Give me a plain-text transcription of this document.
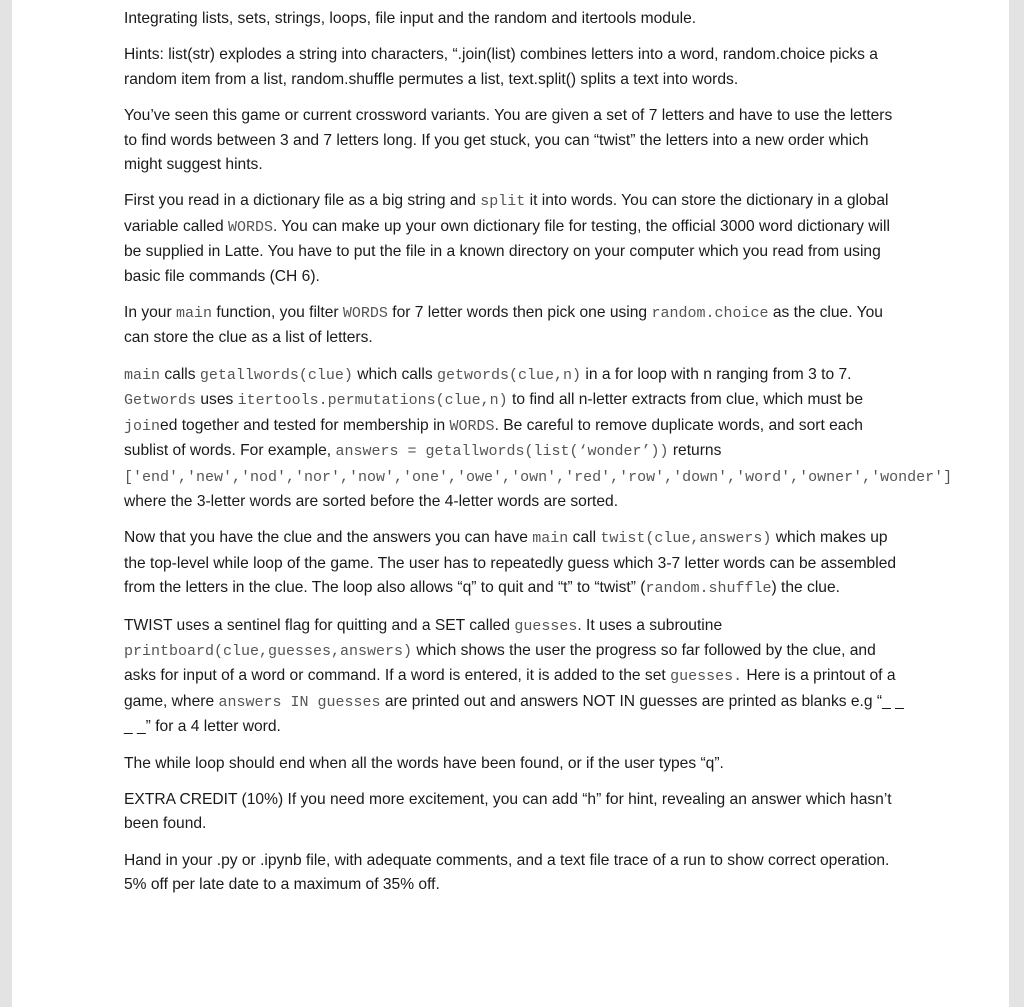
Integrating lists, sets, strings, loops, file input and the random and itertools module.

Hints: list(str) explodes a string into characters, “.join(list) combines letters into a word, random.choice picks a random item from a list, random.shuffle permutes a list, text.split() splits a text into words.

You’ve seen this game or current crossword variants. You are given a set of 7 letters and have to use the letters to find words between 3 and 7 letters long. If you get stuck, you can “twist” the letters into a new order which might suggest hints.

First you read in a dictionary file as a big string and split it into words. You can store the dictionary in a global variable called WORDS. You can make up your own dictionary file for testing, the official 3000 word dictionary will be supplied in Latte. You have to put the file in a known directory on your computer which you read from using basic file commands (CH 6).

In your main function, you filter WORDS for 7 letter words then pick one using random.choice as the clue. You can store the clue as a list of letters.

main calls getallwords(clue) which calls getwords(clue,n) in a for loop with n ranging from 3 to 7. Getwords uses itertools.permutations(clue,n) to find all n-letter extracts from clue, which must be joined together and tested for membership in WORDS. Be careful to remove duplicate words, and sort each sublist of words. For example, answers = getallwords(list(‘wonder’)) returns ['end','new','nod','nor','now','one','owe','own','red','row','down','word','owner','wonder'] where the 3-letter words are sorted before the 4-letter words are sorted.

Now that you have the clue and the answers you can have main call twist(clue,answers) which makes up the top-level while loop of the game. The user has to repeatedly guess which 3-7 letter words can be assembled from the letters in the clue. The loop also allows “q” to quit and “t” to “twist” (random.shuffle) the clue.

TWIST uses a sentinel flag for quitting and a SET called guesses. It uses a subroutine printboard(clue,guesses,answers) which shows the user the progress so far followed by the clue, and asks for input of a word or command. If a word is entered, it is added to the set guesses. Here is a printout of a game, where answers IN guesses are printed out and answers NOT IN guesses are printed as blanks e.g “_ _ _ _” for a 4 letter word.

The while loop should end when all the words have been found, or if the user types “q”.

EXTRA CREDIT (10%) If you need more excitement, you can add “h” for hint, revealing an answer which hasn’t been found.

Hand in your .py or .ipynb file, with adequate comments, and a text file trace of a run to show correct operation. 5% off per late date to a maximum of 35% off.
